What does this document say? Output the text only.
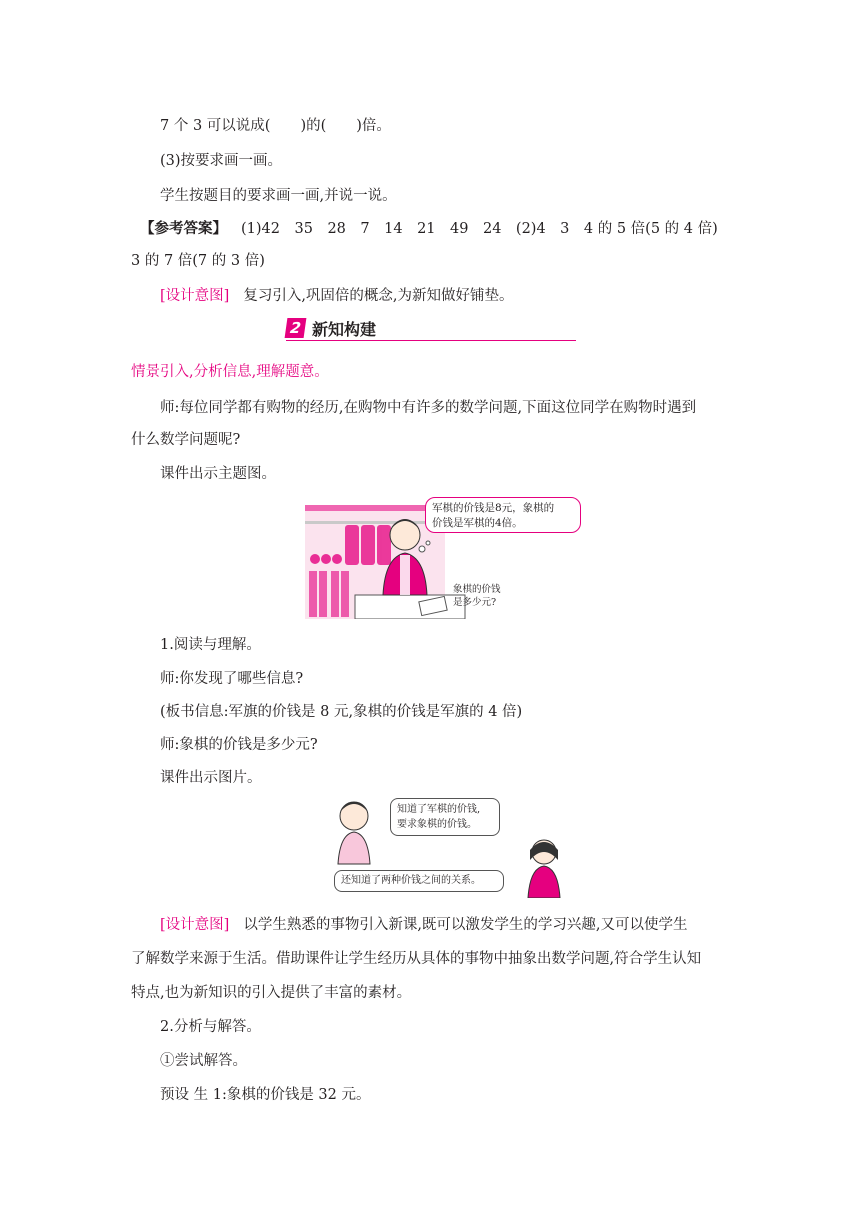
7 个 3 可以说成( )的( )倍。
(3)按要求画一画。
学生按题目的要求画一画,并说一说。
【参考答案】 (1)42　35　28　7　14　21　49　24　(2)4　3　4 的 5 倍(5 的 4 倍)
3 的 7 倍(7 的 3 倍)
[设计意图] 复习引入,巩固倍的概念,为新知做好铺垫。
2 新知构建
情景引入,分析信息,理解题意。
师:每位同学都有购物的经历,在购物中有许多的数学问题,下面这位同学在购物时遇到
什么数学问题呢?
课件出示主题图。
军棋的价钱是8元，象棋的
价钱是军棋的4倍。
象棋的价钱
是多少元?
1.阅读与理解。
师:你发现了哪些信息?
(板书信息:军旗的价钱是 8 元,象棋的价钱是军旗的 4 倍)
师:象棋的价钱是多少元?
课件出示图片。
知道了军棋的价钱,
要求象棋的价钱。
还知道了两种价钱之间的关系。
[设计意图] 以学生熟悉的事物引入新课,既可以激发学生的学习兴趣,又可以使学生
了解数学来源于生活。借助课件让学生经历从具体的事物中抽象出数学问题,符合学生认知
特点,也为新知识的引入提供了丰富的素材。
2.分析与解答。
①尝试解答。
预设 生 1:象棋的价钱是 32 元。
